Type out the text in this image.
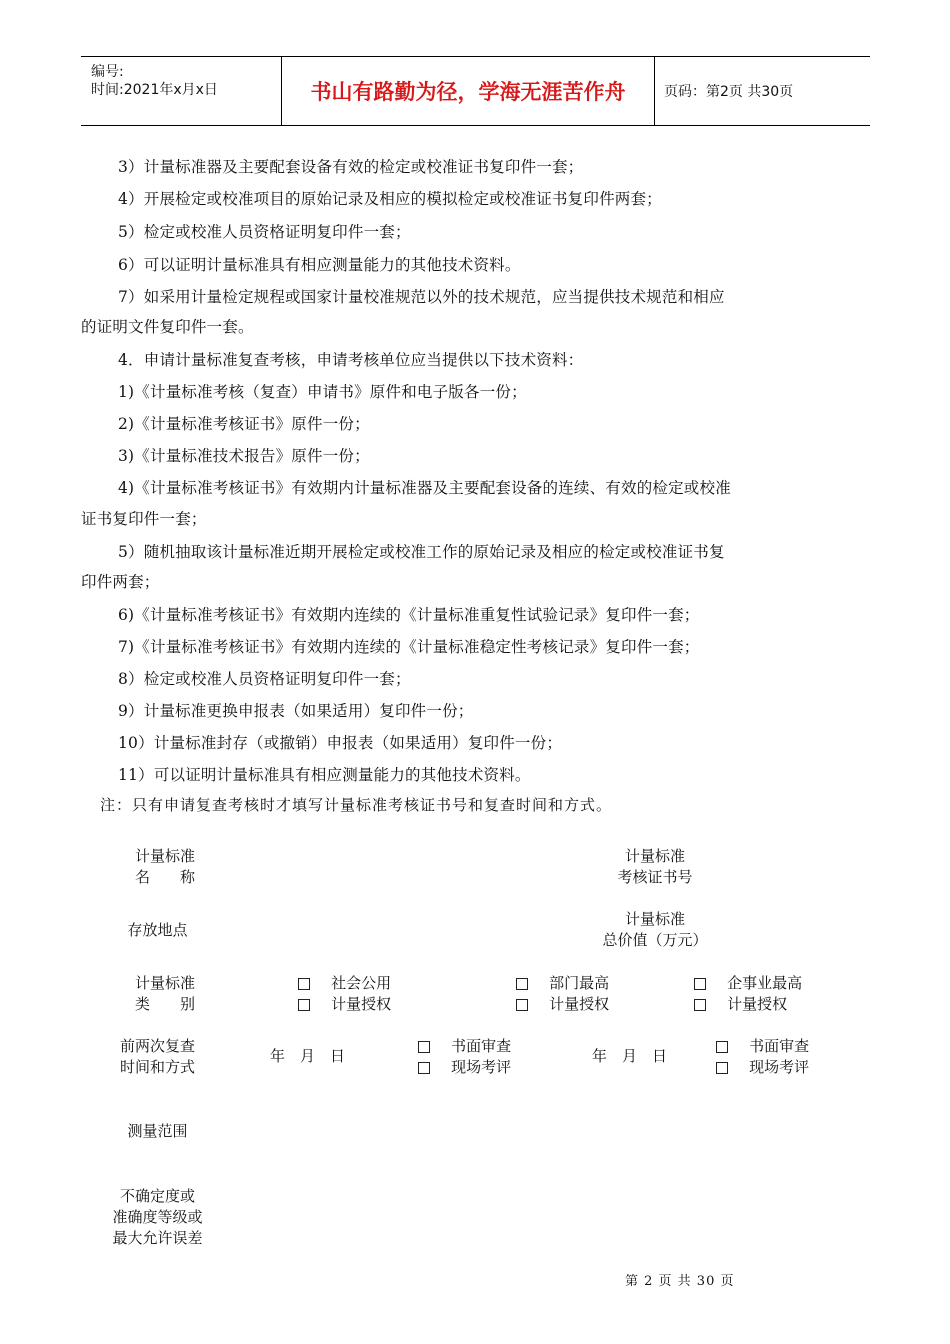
编号:
时间:2021年x月x日	书山有路勤为径，学海无涯苦作舟	页码：第2页 共30页
3）计量标准器及主要配套设备有效的检定或校准证书复印件一套；
4）开展检定或校准项目的原始记录及相应的模拟检定或校准证书复印件两套；
5）检定或校准人员资格证明复印件一套；
6）可以证明计量标准具有相应测量能力的其他技术资料。
7）如采用计量检定规程或国家计量校准规范以外的技术规范，应当提供技术规范和相应
的证明文件复印件一套。
4．申请计量标准复查考核，申请考核单位应当提供以下技术资料：
1)《计量标准考核（复查）申请书》原件和电子版各一份；
2)《计量标准考核证书》原件一份；
3)《计量标准技术报告》原件一份；
4)《计量标准考核证书》有效期内计量标准器及主要配套设备的连续、有效的检定或校准
证书复印件一套；
5）随机抽取该计量标准近期开展检定或校准工作的原始记录及相应的检定或校准证书复
印件两套；
6)《计量标准考核证书》有效期内连续的《计量标准重复性试验记录》复印件一套；
7)《计量标准考核证书》有效期内连续的《计量标准稳定性考核记录》复印件一套；
8）检定或校准人员资格证明复印件一套；
9）计量标准更换申报表（如果适用）复印件一份；
10）计量标准封存（或撤销）申报表（如果适用）复印件一份；
11）可以证明计量标准具有相应测量能力的其他技术资料。
注：只有申请复查考核时才填写计量标准考核证书号和复查时间和方式。
计量标准
名　　称
计量标准
考核证书号
存放地点
计量标准
总价值（万元）
计量标准
类　　别
社会公用
计量授权
部门最高
计量授权
企事业最高
计量授权
前两次复查
时间和方式
年　月　日
书面审查
现场考评
年　月　日
书面审查
现场考评
测量范围
不确定度或
准确度等级或
最大允许误差
第 2 页 共 30 页
